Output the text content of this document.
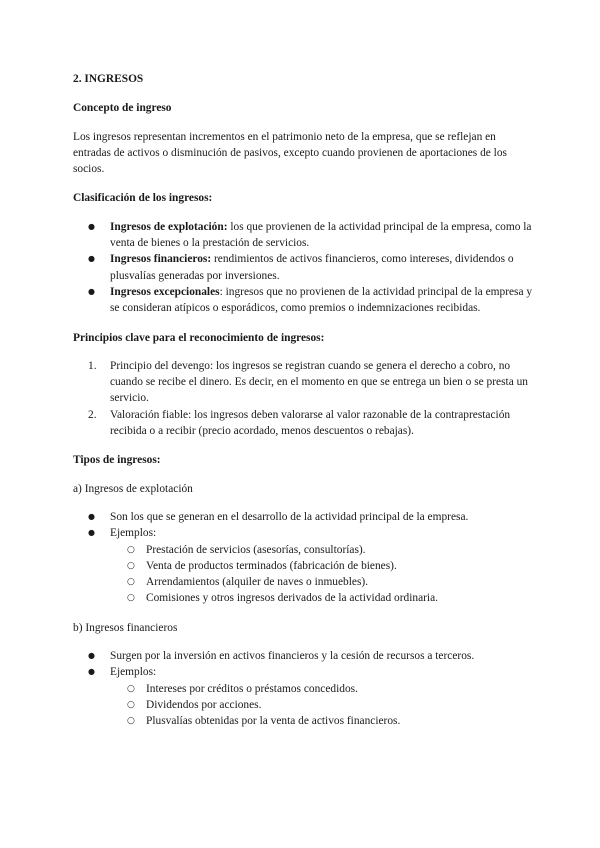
2. INGRESOS

Concepto de ingreso

Los ingresos representan incrementos en el patrimonio neto de la empresa, que se reflejan en entradas de activos o disminución de pasivos, excepto cuando provienen de aportaciones de los socios.

Clasificación de los ingresos:

● Ingresos de explotación: los que provienen de la actividad principal de la empresa, como la venta de bienes o la prestación de servicios.
● Ingresos financieros: rendimientos de activos financieros, como intereses, dividendos o plusvalías generadas por inversiones.
● Ingresos excepcionales: ingresos que no provienen de la actividad principal de la empresa y se consideran atípicos o esporádicos, como premios o indemnizaciones recibidas.

Principios clave para el reconocimiento de ingresos:

1. Principio del devengo: los ingresos se registran cuando se genera el derecho a cobro, no cuando se recibe el dinero. Es decir, en el momento en que se entrega un bien o se presta un servicio.
2. Valoración fiable: los ingresos deben valorarse al valor razonable de la contraprestación recibida o a recibir (precio acordado, menos descuentos o rebajas).

Tipos de ingresos:

a) Ingresos de explotación

● Son los que se generan en el desarrollo de la actividad principal de la empresa.
● Ejemplos:
○ Prestación de servicios (asesorías, consultorías).
○ Venta de productos terminados (fabricación de bienes).
○ Arrendamientos (alquiler de naves o inmuebles).
○ Comisiones y otros ingresos derivados de la actividad ordinaria.

b) Ingresos financieros

● Surgen por la inversión en activos financieros y la cesión de recursos a terceros.
● Ejemplos:
○ Intereses por créditos o préstamos concedidos.
○ Dividendos por acciones.
○ Plusvalías obtenidas por la venta de activos financieros.
